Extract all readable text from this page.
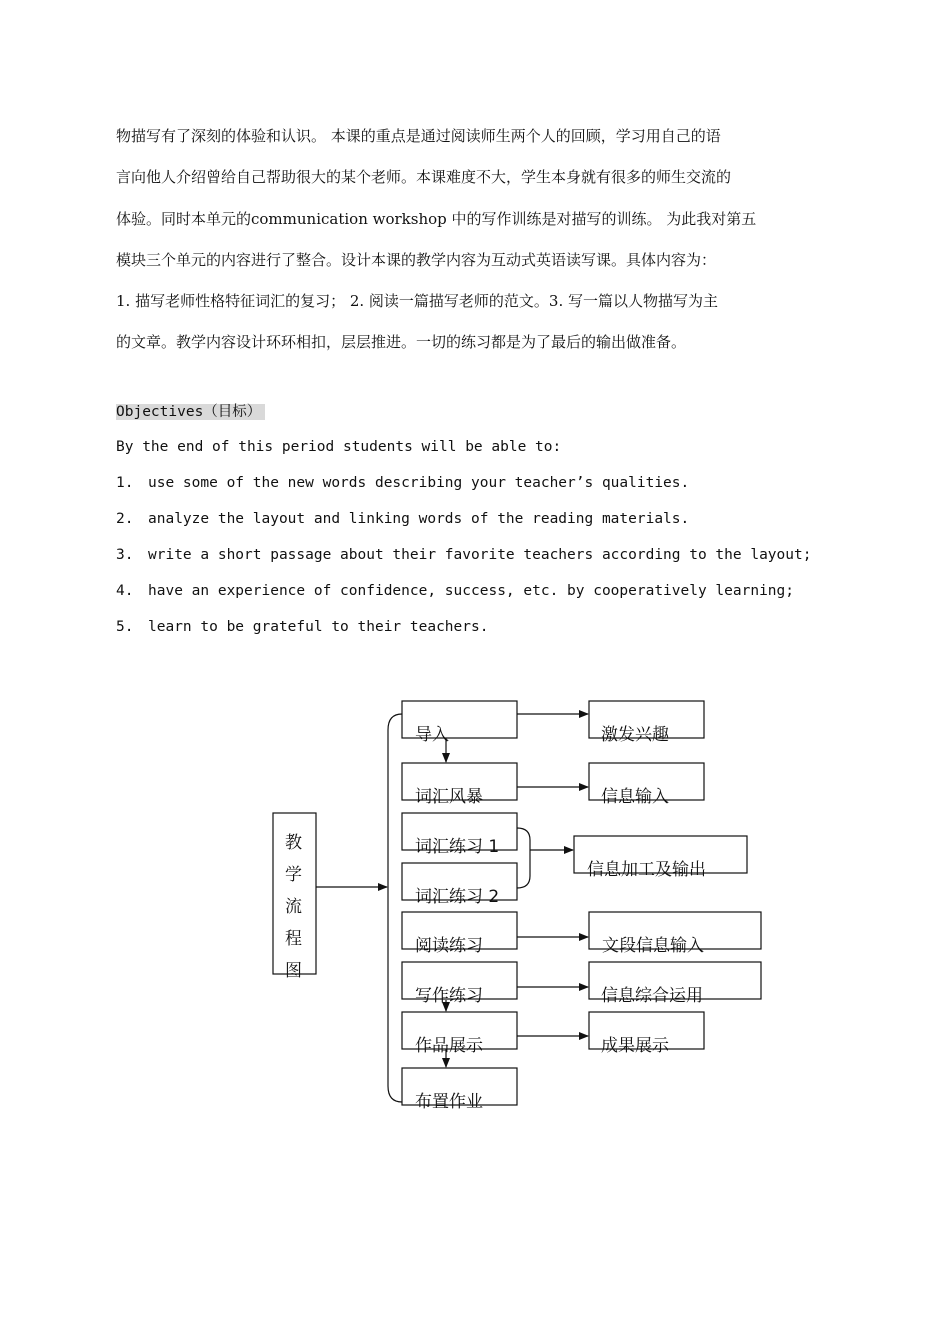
物描写有了深刻的体验和认识。 本课的重点是通过阅读师生两个人的回顾，学习用自己的语
言向他人介绍曾给自己帮助很大的某个老师。本课难度不大，学生本身就有很多的师生交流的
体验。同时本单元的communication workshop 中的写作训练是对描写的训练。 为此我对第五
模块三个单元的内容进行了整合。设计本课的教学内容为互动式英语读写课。具体内容为：
1. 描写老师性格特征词汇的复习； 2. 阅读一篇描写老师的范文。3. 写一篇以人物描写为主
的文章。教学内容设计环环相扣，层层推进。一切的练习都是为了最后的输出做准备。
Objectives（目标）
By the end of this period students will be able to:
1. use some of the new words describing your teacher’s qualities.
2. analyze the layout and linking words of the reading materials.
3. write a short passage about their favorite teachers according to the layout;
4. have an experience of confidence, success, etc. by cooperatively learning;
5. learn to be grateful to their teachers.
教
学
流
程
图
导入
词汇风暴
词汇练习 1
词汇练习 2
阅读练习
写作练习
作品展示
布置作业
激发兴趣
信息输入
信息加工及输出
文段信息输入
信息综合运用
成果展示
